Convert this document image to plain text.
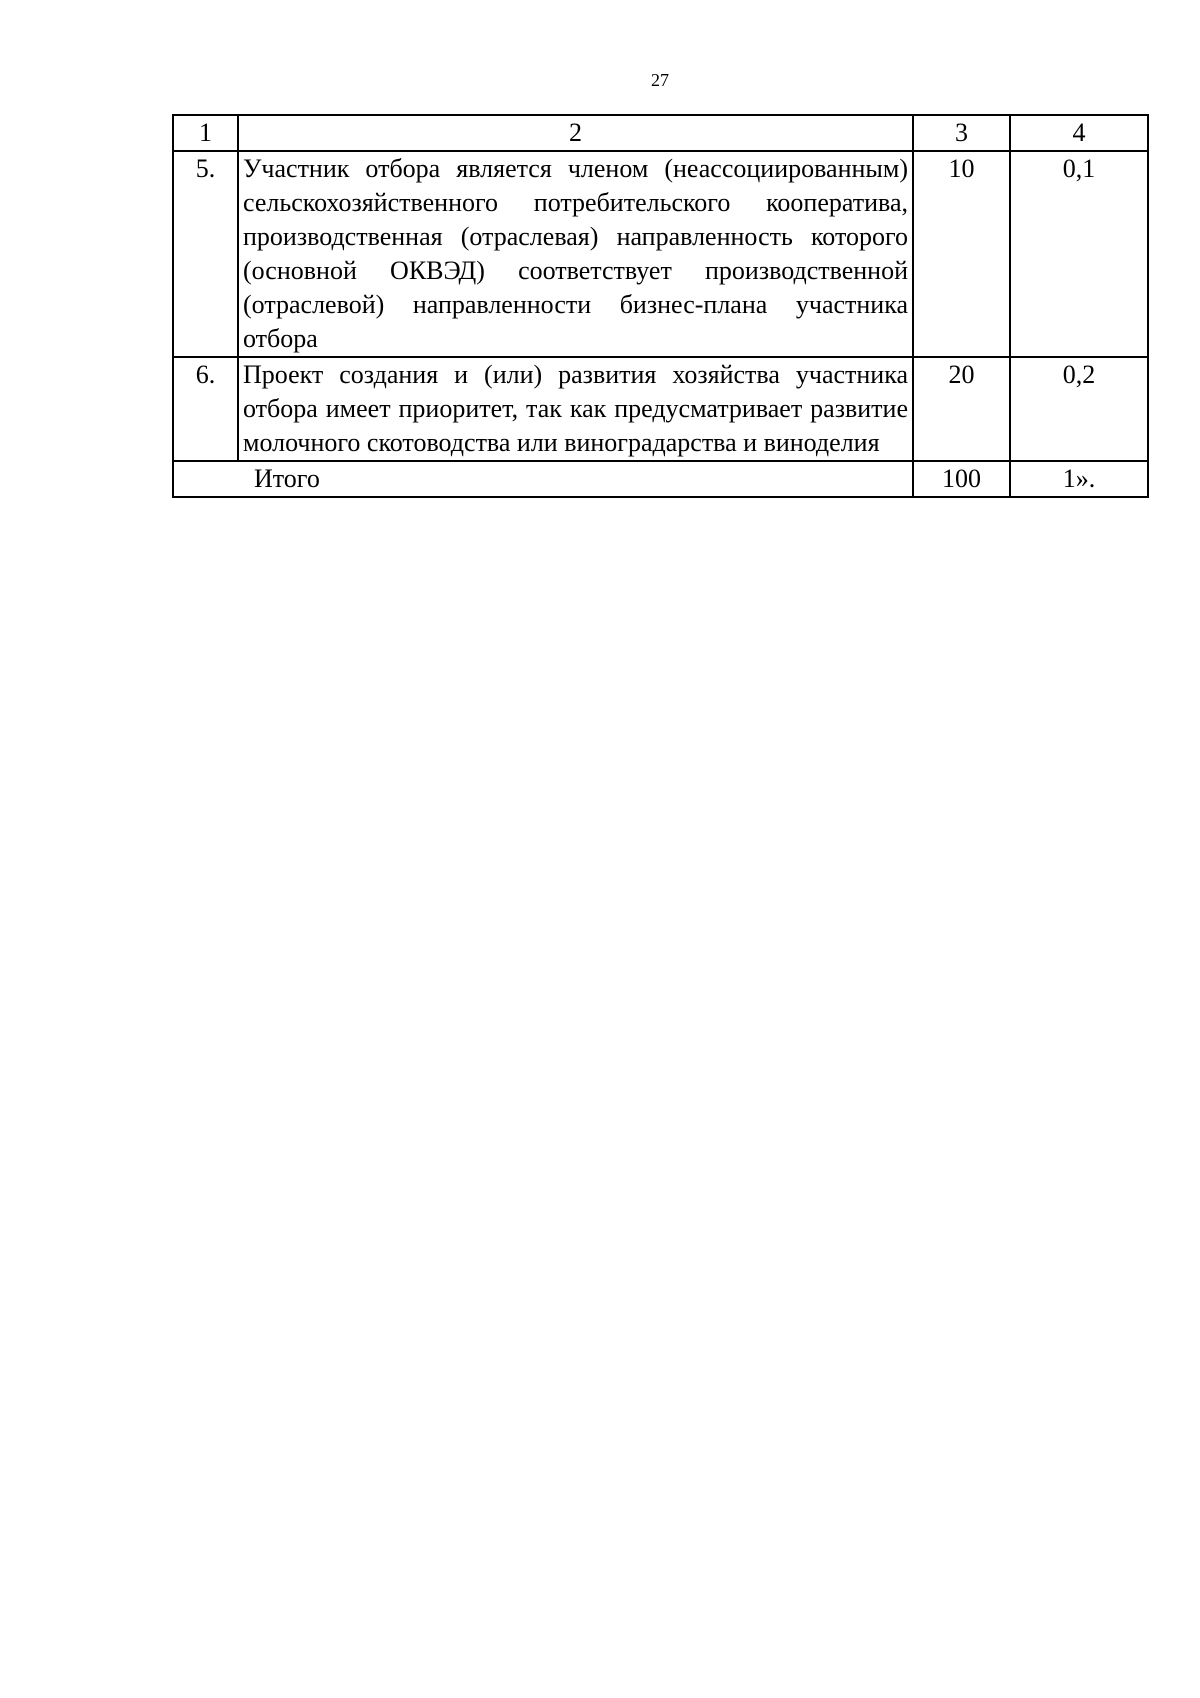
27
1	2	3	4
5.	Участник отбора является членом (неассоциированным) сельскохозяйственного потребительского кооператива, производственная (отраслевая) направленность которого (основной ОКВЭД) соответствует производственной (отраслевой) направленности бизнес-плана участника отбора	10	0,1
6.	Проект создания и (или) развития хозяйства участника отбора имеет приоритет, так как предусматривает развитие молочного скотоводства или виноградарства и виноделия	20	0,2
Итого		100	1».
